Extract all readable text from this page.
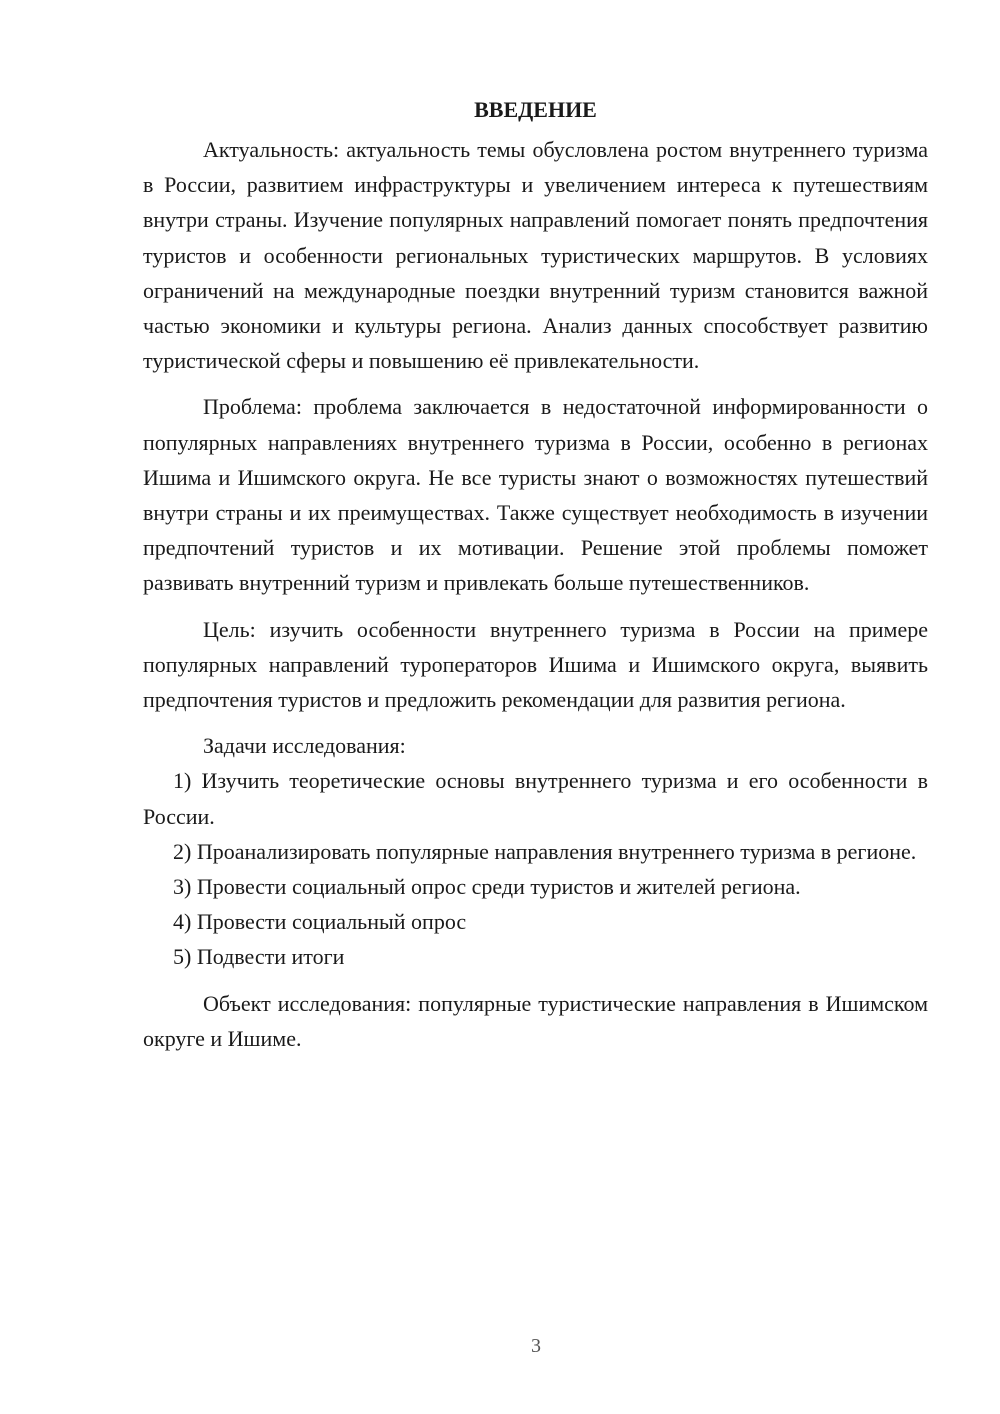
ВВЕДЕНИЕ

Актуальность: актуальность темы обусловлена ростом внутреннего туризма в России, развитием инфраструктуры и увеличением интереса к путешествиям внутри страны. Изучение популярных направлений помогает понять предпочтения туристов и особенности региональных туристических маршрутов. В условиях ограничений на международные поездки внутренний туризм становится важной частью экономики и культуры региона. Анализ данных способствует развитию туристической сферы и повышению её привлекательности.

Проблема: проблема заключается в недостаточной информированности о популярных направлениях внутреннего туризма в России, особенно в регионах Ишима и Ишимского округа. Не все туристы знают о возможностях путешествий внутри страны и их преимуществах. Также существует необходимость в изучении предпочтений туристов и их мотивации. Решение этой проблемы поможет развивать внутренний туризм и привлекать больше путешественников.

Цель: изучить особенности внутреннего туризма в России на примере популярных направлений туроператоров Ишима и Ишимского округа, выявить предпочтения туристов и предложить рекомендации для развития региона.

Задачи исследования:

1) Изучить теоретические основы внутреннего туризма и его особенности в России.

2) Проанализировать популярные направления внутреннего туризма в регионе.

3) Провести социальный опрос среди туристов и жителей региона.

4) Провести социальный опрос

5) Подвести итоги

Объект исследования: популярные туристические направления в Ишимском округе и Ишиме.

3
